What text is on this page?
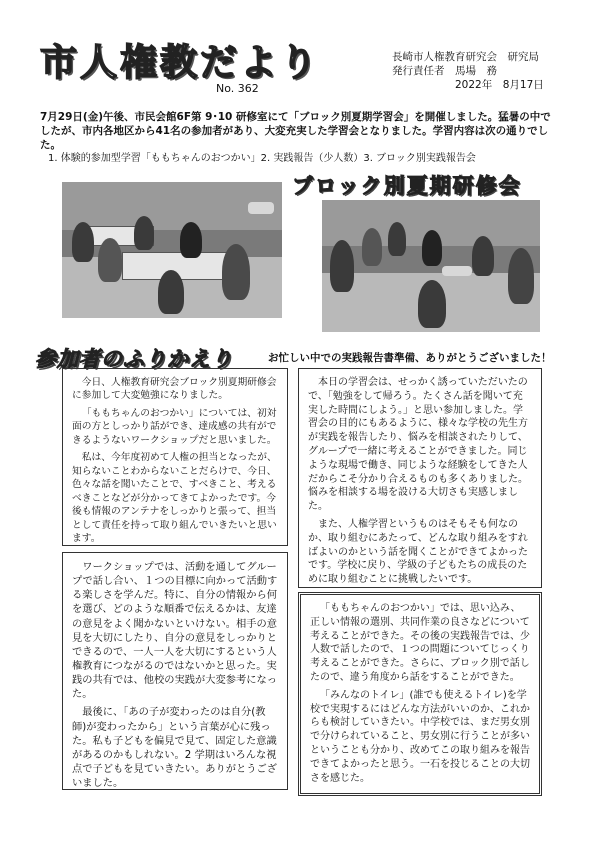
市人権教だより
No. 362
長崎市人権教育研究会　研究局
発行責任者　馬場　務
　　　　　　2022年　8月17日

7月29日(金)午後、市民会館6F第 9･10 研修室にて「ブロック別夏期学習会」を開催しました。猛暑の中でしたが、市内各地区から41名の参加者があり、大変充実した学習会となりました。学習内容は次の通りでした。

1. 体験的参加型学習「ももちゃんのおつかい」2. 実践報告（少人数）3. ブロック別実践報告会

ブロック別夏期研修会
参加者のふりかえり	お忙しい中での実践報告書準備、ありがとうございました！

今日、人権教育研究会ブロック別夏期研修会に参加して大変勉強になりました。

「ももちゃんのおつかい」については、初対面の方としっかり話ができ、達成感の共有ができるようないワークショップだと思いました。

私は、今年度初めて人権の担当となったが、知らないことわからないことだらけで、今日、色々な話を聞いたことで、すべきこと、考えるべきことなどが分かってきてよかったです。今後も情報のアンテナをしっかりと張って、担当として責任を持って取り組んでいきたいと思います。

本日の学習会は、せっかく誘っていただいたので、「勉強をして帰ろう。たくさん話を聞いて充実した時間にしよう。」と思い参加しました。学習会の目的にもあるように、様々な学校の先生方が実践を報告したり、悩みを相談されたりして、グループで一緒に考えることができました。同じような現場で働き、同じような経験をしてきた人だからこそ分かり合えるものも多くありました。悩みを相談する場を設ける大切さも実感しました。

また、人権学習というものはそもそも何なのか、取り組むにあたって、どんな取り組みをすればよいのかという話を聞くことができてよかったです。学校に戻り、学級の子どもたちの成長のために取り組むことに挑戦したいです。

ワークショップでは、活動を通してグループで話し合い、１つの目標に向かって活動する楽しさを学んだ。特に、自分の情報から何を選び、どのような順番で伝えるかは、友達の意見をよく聞かないといけない。相手の意見を大切にしたり、自分の意見をしっかりとできるので、一人一人を大切にするという人権教育につながるのではないかと思った。実践の共有では、他校の実践が大変参考になった。

最後に、「あの子が変わったのは自分(教師)が変わったから」という言葉が心に残った。私も子どもを偏見で見て、固定した意識があるのかもしれない。2 学期はいろんな視点で子どもを見ていきたい。ありがとうございました。

「ももちゃんのおつかい」では、思い込み、正しい情報の選別、共同作業の良さなどについて考えることができた。その後の実践報告では、少人数で話したので、１つの問題についてじっくり考えることができた。さらに、ブロック別で話したので、違う角度から話をすることができた。

「みんなのトイレ」(誰でも使えるトイレ)を学校で実現するにはどんな方法がいいのか、これからも検討していきたい。中学校では、まだ男女別で分けられていること、男女別に行うことが多いということも分かり、改めてこの取り組みを報告できてよかったと思う。一石を投じることの大切さを感じた。
